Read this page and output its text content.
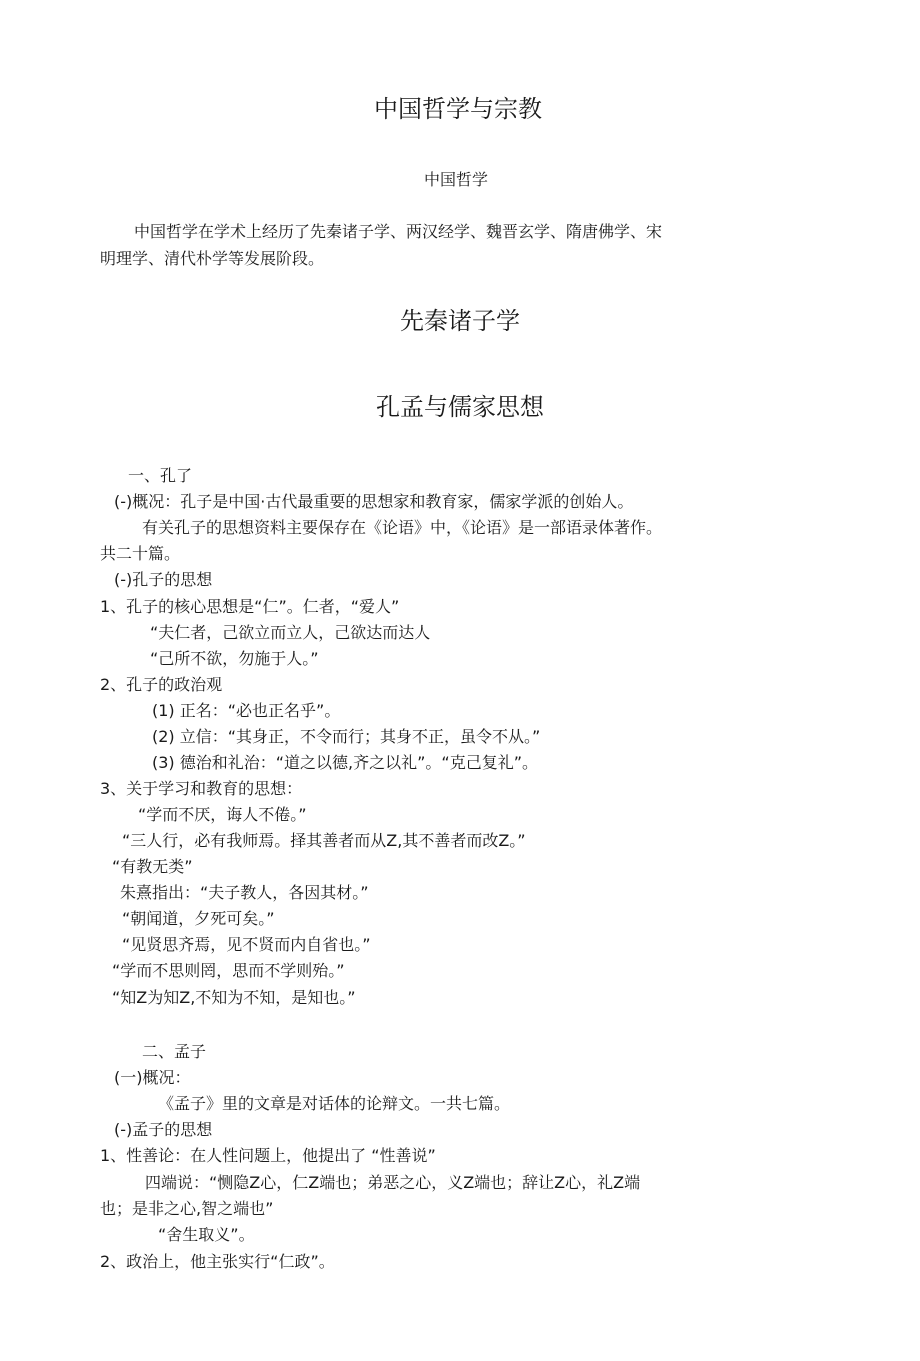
中国哲学与宗教
中国哲学
中国哲学在学术上经历了先秦诸子学、两汉经学、魏晋玄学、隋唐佛学、宋
明理学、清代朴学等发展阶段。
先秦诸子学
孔孟与儒家思想
一、孔了
(-)概况：孔子是中国·古代最重要的思想家和教育家，儒家学派的创始人。
有关孔子的思想资料主要保存在《论语》中，《论语》是一部语录体著作。
共二十篇。
(-)孔子的思想
1、孔子的核心思想是“仁”。仁者，“爱人”
“夫仁者，己欲立而立人，己欲达而达人
“己所不欲，勿施于人。”
2、孔子的政治观
(1) 正名：“必也正名乎”。
(2) 立信：“其身正，不令而行；其身不正，虽令不从。”
(3) 德治和礼治：“道之以德,齐之以礼”。“克己复礼”。
3、关于学习和教育的思想：
“学而不厌，诲人不倦。”
“三人行，必有我师焉。择其善者而从Z,其不善者而改Z。”
“有教无类”
朱熹指出：“夫子教人，各因其材。”
“朝闻道，夕死可矣。”
“见贤思齐焉，见不贤而内自省也。”
“学而不思则罔，思而不学则殆。”
“知Z为知Z,不知为不知，是知也。”
二、孟子
(一)概况：
《孟子》里的文章是对话体的论辩文。一共七篇。
(-)孟子的思想
1、性善论：在人性问题上，他提出了 “性善说”
四端说：“恻隐Z心，仁Z端也；弟恶之心，义Z端也；辞让Z心，礼Z端
也；是非之心,智之端也”
“舍生取义”。
2、政治上，他主张实行“仁政”。
